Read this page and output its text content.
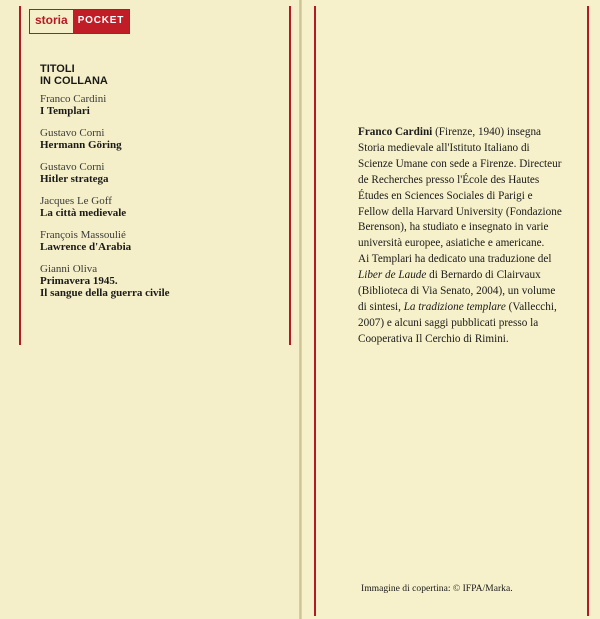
storia	POCKET
TITOLI
IN COLLANA
Franco Cardini
I Templari
Gustavo Corni
Hermann Göring
Gustavo Corni
Hitler stratega
Jacques Le Goff
La città medievale
François Massoulié
Lawrence d'Arabia
Gianni Oliva
Primavera 1945.
Il sangue della guerra civile

Franco Cardini (Firenze, 1940) insegna Storia medievale all'Istituto Italiano di Scienze Umane con sede a Firenze. Directeur de Recherches presso l'École des Hautes Études en Sciences Sociales di Parigi e Fellow della Harvard University (Fondazione Berenson), ha studiato e insegnato in varie università europee, asiatiche e americane.

Ai Templari ha dedicato una traduzione del Liber de Laude di Bernardo di Clairvaux (Biblioteca di Via Senato, 2004), un volume di sintesi, La tradizione templare (Vallecchi, 2007) e alcuni saggi pubblicati presso la Cooperativa Il Cerchio di Rimini.

Immagine di copertina: © IFPA/Marka.
